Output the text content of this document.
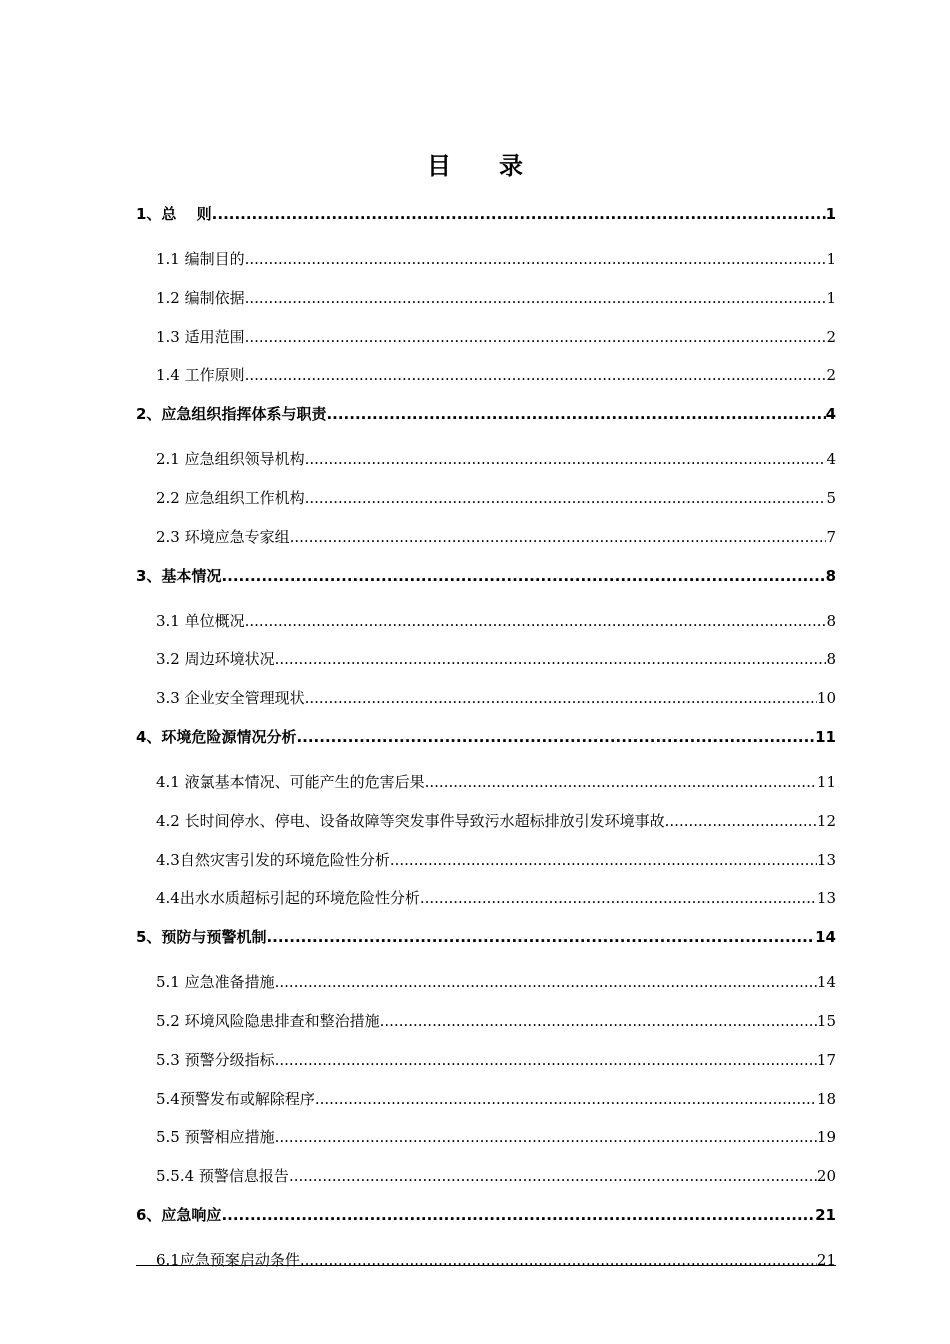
目　录
1、总　 则 .....	1
1.1 编制目的 .....	1
1.2 编制依据 .....	1
1.3 适用范围 .....	2
1.4 工作原则 .....	2
2、应急组织指挥体系与职责 .....	4
2.1 应急组织领导机构 .....	4
2.2 应急组织工作机构 .....	5
2.3 环境应急专家组 .....	7
3、基本情况 .....	8
3.1 单位概况 .....	8
3.2 周边环境状况 .....	8
3.3 企业安全管理现状 .....	10
4、环境危险源情况分析 .....	11
4.1 液氯基本情况、可能产生的危害后果 .....	11
4.2 长时间停水、停电、设备故障等突发事件导致污水超标排放引发环境事故 .....	12
4.3自然灾害引发的环境危险性分析 .....	13
4.4出水水质超标引起的环境危险性分析 .....	13
5、预防与预警机制 .....	14
5.1 应急准备措施 .....	14
5.2 环境风险隐患排查和整治措施 .....	15
5.3 预警分级指标 .....	17
5.4预警发布或解除程序 .....	18
5.5 预警相应措施 .....	19
5.5.4 预警信息报告 .....	20
6、应急响应 .....	21
6.1应急预案启动条件 .....	21
